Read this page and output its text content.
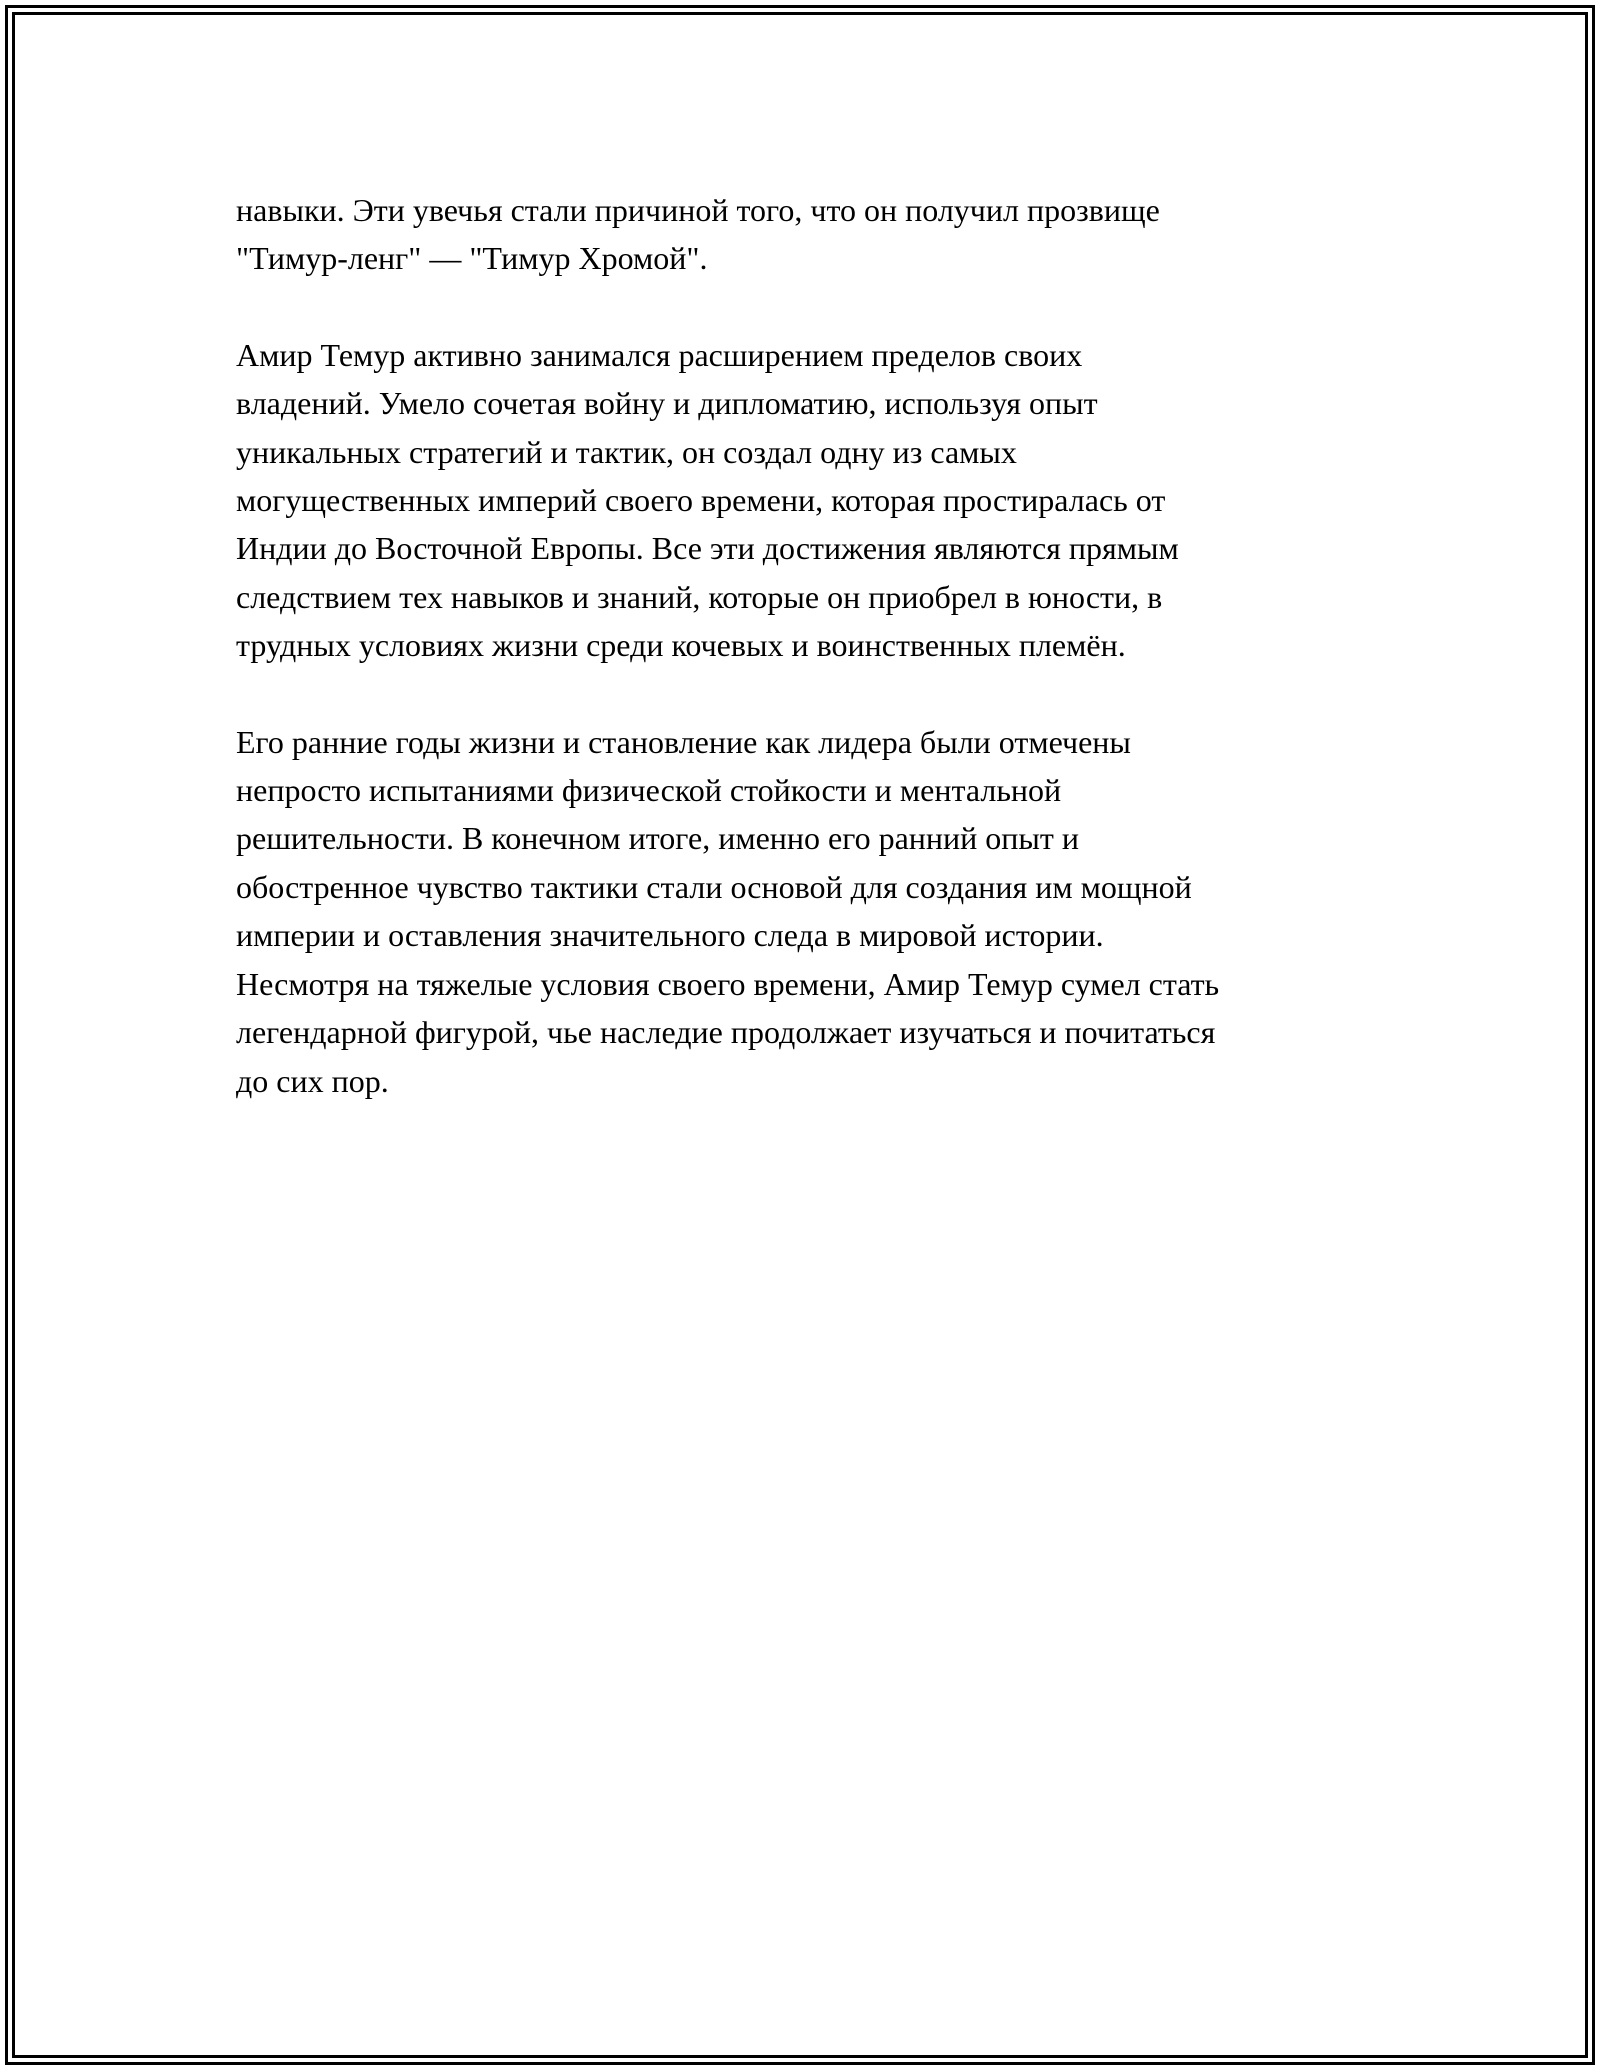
навыки. Эти увечья стали причиной того, что он получил прозвище
"Тимур-ленг" — "Тимур Хромой".

Амир Темур активно занимался расширением пределов своих
владений. Умело сочетая войну и дипломатию, используя опыт
уникальных стратегий и тактик, он создал одну из самых
могущественных империй своего времени, которая простиралась от
Индии до Восточной Европы. Все эти достижения являются прямым
следствием тех навыков и знаний, которые он приобрел в юности, в
трудных условиях жизни среди кочевых и воинственных племён.

Его ранние годы жизни и становление как лидера были отмечены
непросто испытаниями физической стойкости и ментальной
решительности. В конечном итоге, именно его ранний опыт и
обостренное чувство тактики стали основой для создания им мощной
империи и оставления значительного следа в мировой истории.
Несмотря на тяжелые условия своего времени, Амир Темур сумел стать
легендарной фигурой, чье наследие продолжает изучаться и почитаться
до сих пор.
